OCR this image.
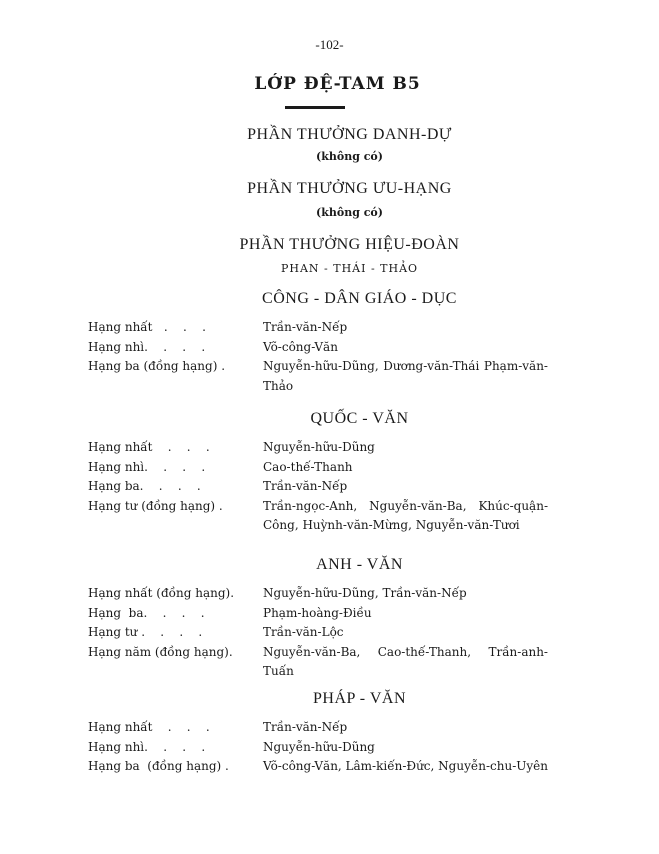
-102-
LỚP ĐỆ-TAM B5
PHẦN THƯỞNG DANH-DỰ
(không có)
PHẦN THƯỞNG ƯU-HẠNG
(không có)
PHẦN THƯỞNG HIỆU-ĐOÀN
PHAN - THÁI - THẢO
CÔNG - DÂN GIÁO - DỤC
Hạng nhất   .    .    .	Trần-văn-Nếp
Hạng nhì.    .    .    .	Võ-công-Văn
Hạng ba (đồng hạng) .	Nguyễn-hữu-Dũng, Dương-văn-Thái Phạm-văn-Thảo
QUỐC - VĂN
Hạng nhất    .    .    .	Nguyễn-hữu-Dũng
Hạng nhì.    .    .    .	Cao-thế-Thanh
Hạng ba.    .    .    .	Trần-văn-Nếp
Hạng tư (đồng hạng) .	Trần-ngọc-Anh, Nguyễn-văn-Ba, Khúc-quận-Công, Huỳnh-văn-Mừng, Nguyễn-văn-Tươi
ANH - VĂN
Hạng nhất (đồng hạng).	Nguyễn-hữu-Dũng, Trần-văn-Nếp
Hạng  ba.    .    .    .	Phạm-hoàng-Điều
Hạng tư .    .    .    .	Trần-văn-Lộc
Hạng năm (đồng hạng).	Nguyễn-văn-Ba, Cao-thế-Thanh, Trần-anh-Tuấn
PHÁP - VĂN
Hạng nhất    .    .    .	Trần-văn-Nếp
Hạng nhì.    .    .    .	Nguyễn-hữu-Dũng
Hạng ba  (đồng hạng) .	Võ-công-Văn, Lâm-kiến-Đức, Nguyễn-chu-Uyên
